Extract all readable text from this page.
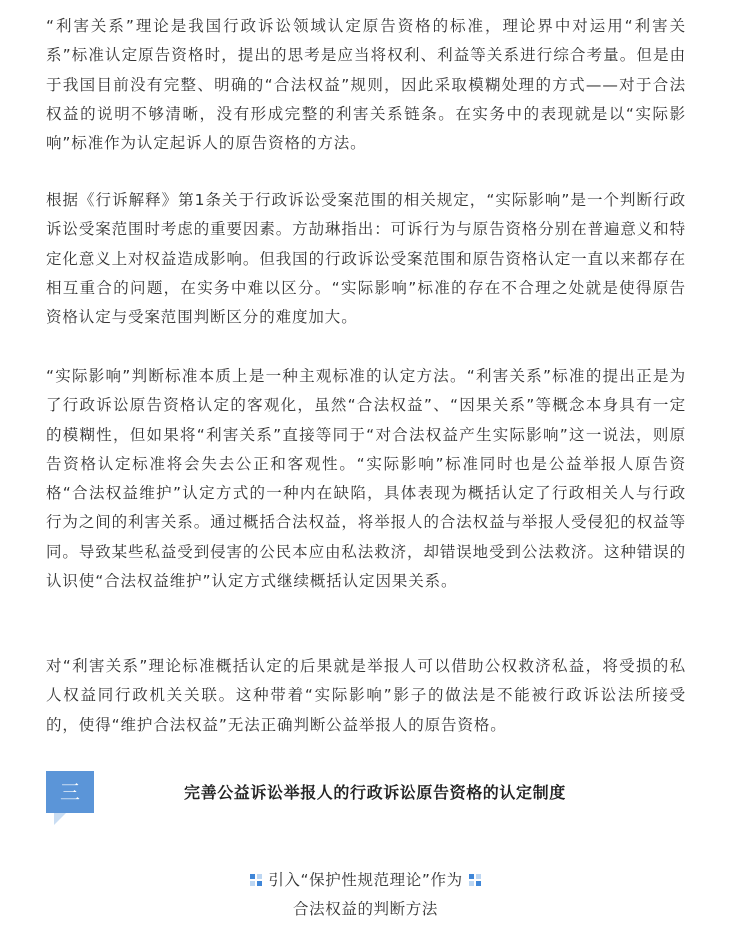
“利害关系”理论是我国行政诉讼领域认定原告资格的标准，理论界中对运用“利害关系”标准认定原告资格时，提出的思考是应当将权利、利益等关系进行综合考量。但是由于我国目前没有完整、明确的“合法权益”规则，因此采取模糊处理的方式——对于合法权益的说明不够清晰，没有形成完整的利害关系链条。在实务中的表现就是以“实际影响”标准作为认定起诉人的原告资格的方法。

根据《行诉解释》第1条关于行政诉讼受案范围的相关规定，“实际影响”是一个判断行政诉讼受案范围时考虑的重要因素。方劼琳指出：可诉行为与原告资格分别在普遍意义和特定化意义上对权益造成影响。但我国的行政诉讼受案范围和原告资格认定一直以来都存在相互重合的问题，在实务中难以区分。“实际影响”标准的存在不合理之处就是使得原告资格认定与受案范围判断区分的难度加大。

“实际影响”判断标准本质上是一种主观标准的认定方法。“利害关系”标准的提出正是为了行政诉讼原告资格认定的客观化，虽然“合法权益”、“因果关系”等概念本身具有一定的模糊性，但如果将“利害关系”直接等同于“对合法权益产生实际影响”这一说法，则原告资格认定标准将会失去公正和客观性。“实际影响”标准同时也是公益举报人原告资格“合法权益维护”认定方式的一种内在缺陷，具体表现为概括认定了行政相关人与行政行为之间的利害关系。通过概括合法权益，将举报人的合法权益与举报人受侵犯的权益等同。导致某些私益受到侵害的公民本应由私法救济，却错误地受到公法救济。这种错误的认识使“合法权益维护”认定方式继续概括认定因果关系。

对“利害关系”理论标准概括认定的后果就是举报人可以借助公权救济私益，将受损的私人权益同行政机关关联。这种带着“实际影响”影子的做法是不能被行政诉讼法所接受的，使得“维护合法权益”无法正确判断公益举报人的原告资格。

三	完善公益诉讼举报人的行政诉讼原告资格的认定制度
引入“保护性规范理论”作为
合法权益的判断方法
